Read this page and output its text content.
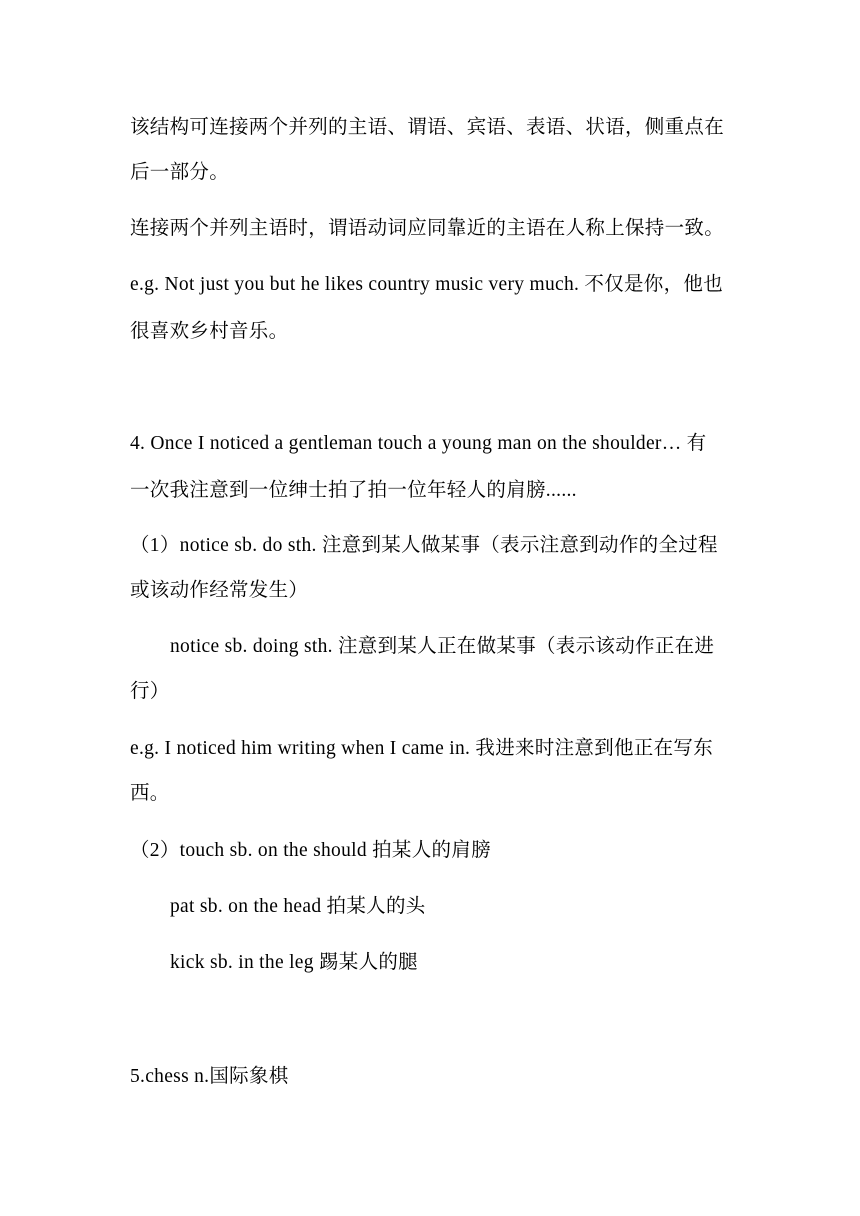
该结构可连接两个并列的主语、谓语、宾语、表语、状语，侧重点在
后一部分。
连接两个并列主语时，谓语动词应同靠近的主语在人称上保持一致。
e.g. Not just you but he likes country music very much. 不仅是你，他也
很喜欢乡村音乐。
4. Once I noticed a gentleman touch a young man on the shoulder… 有
一次我注意到一位绅士拍了拍一位年轻人的肩膀......
（1）notice sb. do sth. 注意到某人做某事（表示注意到动作的全过程
或该动作经常发生）
notice sb. doing sth. 注意到某人正在做某事（表示该动作正在进
行）
e.g. I noticed him writing when I came in. 我进来时注意到他正在写东
西。
（2）touch sb. on the should 拍某人的肩膀
pat sb. on the head 拍某人的头
kick sb. in the leg 踢某人的腿
5.chess n.国际象棋
